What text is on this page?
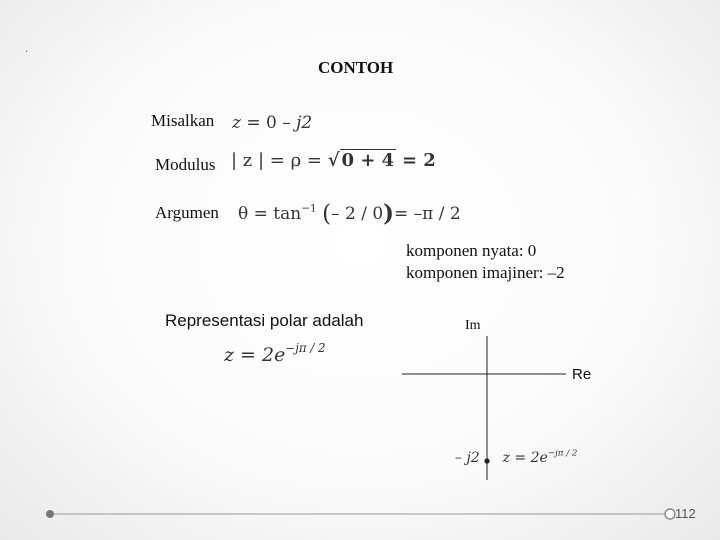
.
CONTOH
Misalkan z = 0 – j2
Modulus | z | = ρ = √ 0 + 4 = 2
Argumen $\theta = \tan^{-1}$ (– 2 / 0)= –π / 2
komponen nyata: 0
komponen imajiner: –2
Representasi polar adalah
$z = 2e^{-j\pi / 2}$
Im
Re
– j2 $z = 2e^{-j\pi / 2}$
112
